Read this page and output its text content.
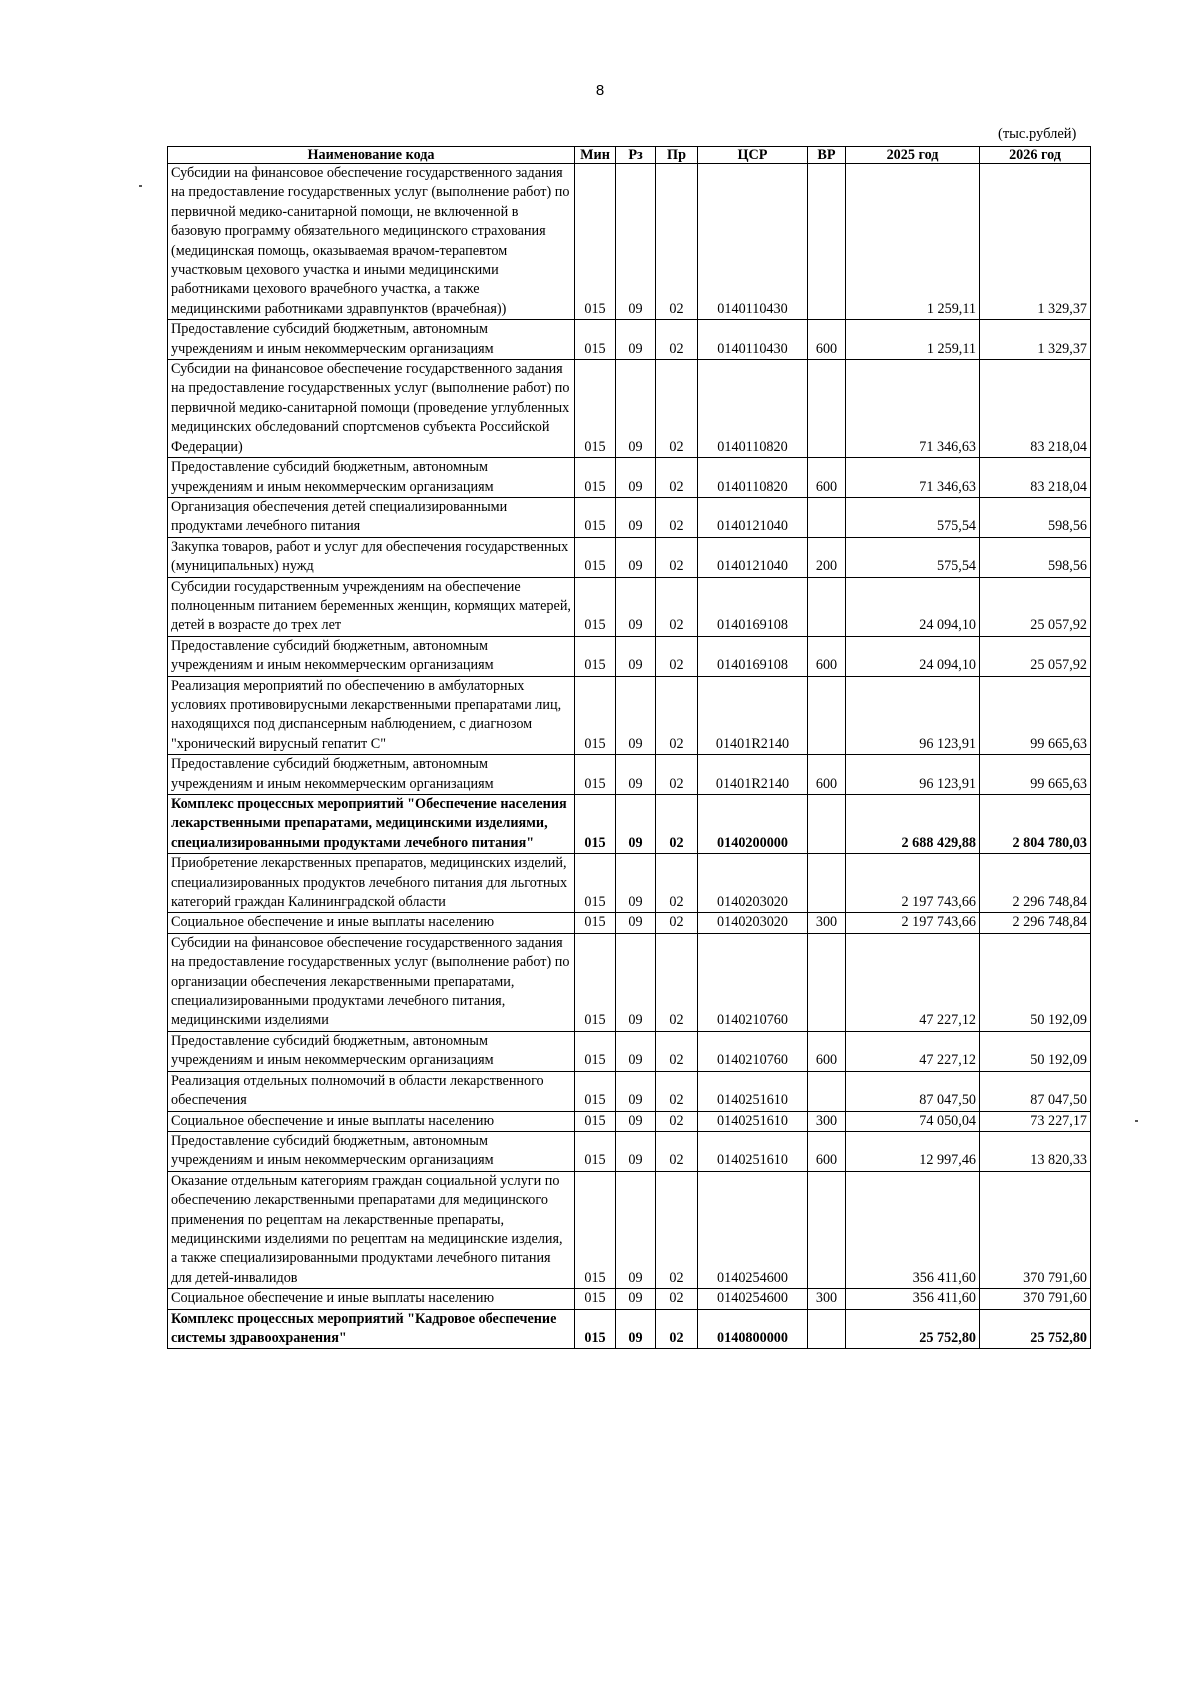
8
(тыс.рублей)
Наименование кода	Мин	Рз	Пр	ЦСР	ВР	2025 год	2026 год
Субсидии на финансовое обеспечение государственного задания на предоставление государственных услуг (выполнение работ) по первичной медико-санитарной помощи, не включенной в базовую программу обязательного медицинского страхования (медицинская помощь, оказываемая врачом-терапевтом участковым цехового участка и иными медицинскими работниками цехового врачебного участка, а также медицинскими работниками здравпунктов (врачебная))	015	09	02	0140110430		1 259,11	1 329,37
Предоставление субсидий бюджетным, автономным учреждениям и иным некоммерческим организациям	015	09	02	0140110430	600	1 259,11	1 329,37
Субсидии на финансовое обеспечение государственного задания на предоставление государственных услуг (выполнение работ) по первичной медико-санитарной помощи (проведение углубленных медицинских обследований спортсменов субъекта Российской Федерации)	015	09	02	0140110820		71 346,63	83 218,04
Предоставление субсидий бюджетным, автономным учреждениям и иным некоммерческим организациям	015	09	02	0140110820	600	71 346,63	83 218,04
Организация обеспечения детей специализированными продуктами лечебного питания	015	09	02	0140121040		575,54	598,56
Закупка товаров, работ и услуг для обеспечения государственных (муниципальных) нужд	015	09	02	0140121040	200	575,54	598,56
Субсидии государственным учреждениям на обеспечение полноценным питанием беременных женщин, кормящих матерей, детей в возрасте до трех лет	015	09	02	0140169108		24 094,10	25 057,92
Предоставление субсидий бюджетным, автономным учреждениям и иным некоммерческим организациям	015	09	02	0140169108	600	24 094,10	25 057,92
Реализация мероприятий по обеспечению в амбулаторных условиях противовирусными лекарственными препаратами лиц, находящихся под диспансерным наблюдением, с диагнозом "хронический вирусный гепатит С"	015	09	02	01401R2140		96 123,91	99 665,63
Предоставление субсидий бюджетным, автономным учреждениям и иным некоммерческим организациям	015	09	02	01401R2140	600	96 123,91	99 665,63
Комплекс процессных мероприятий "Обеспечение населения лекарственными препаратами, медицинскими изделиями, специализированными продуктами лечебного питания"	015	09	02	0140200000		2 688 429,88	2 804 780,03
Приобретение лекарственных препаратов, медицинских изделий, специализированных продуктов лечебного питания для льготных категорий граждан Калининградской области	015	09	02	0140203020		2 197 743,66	2 296 748,84
Социальное обеспечение и иные выплаты населению	015	09	02	0140203020	300	2 197 743,66	2 296 748,84
Субсидии на финансовое обеспечение государственного задания на предоставление государственных услуг (выполнение работ) по организации обеспечения лекарственными препаратами, специализированными продуктами лечебного питания, медицинскими изделиями	015	09	02	0140210760		47 227,12	50 192,09
Предоставление субсидий бюджетным, автономным учреждениям и иным некоммерческим организациям	015	09	02	0140210760	600	47 227,12	50 192,09
Реализация отдельных полномочий в области лекарственного обеспечения	015	09	02	0140251610		87 047,50	87 047,50
Социальное обеспечение и иные выплаты населению	015	09	02	0140251610	300	74 050,04	73 227,17
Предоставление субсидий бюджетным, автономным учреждениям и иным некоммерческим организациям	015	09	02	0140251610	600	12 997,46	13 820,33
Оказание отдельным категориям граждан социальной услуги по обеспечению лекарственными препаратами для медицинского применения по рецептам на лекарственные препараты, медицинскими изделиями по рецептам на медицинские изделия, а также специализированными продуктами лечебного питания для детей-инвалидов	015	09	02	0140254600		356 411,60	370 791,60
Социальное обеспечение и иные выплаты населению	015	09	02	0140254600	300	356 411,60	370 791,60
Комплекс процессных мероприятий "Кадровое обеспечение системы здравоохранения"	015	09	02	0140800000		25 752,80	25 752,80
